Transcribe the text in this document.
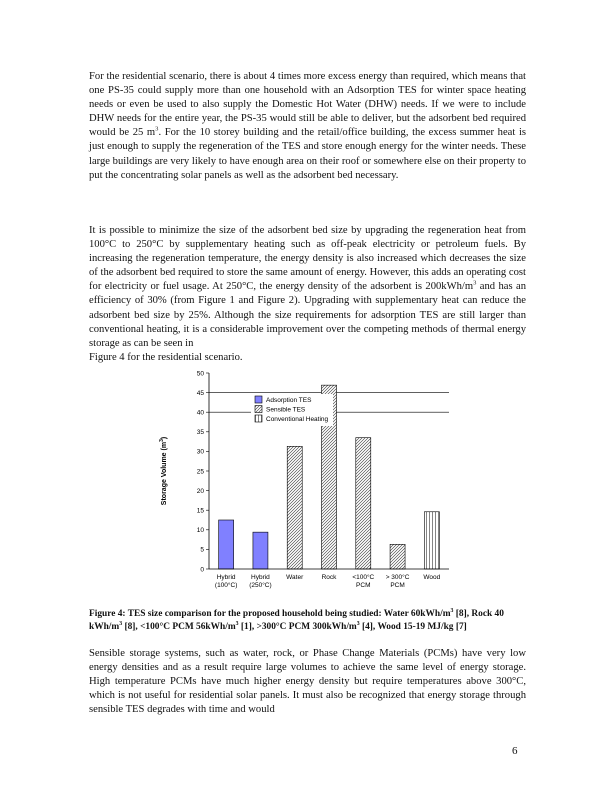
For the residential scenario, there is about 4 times more excess energy than required, which means that one PS-35 could supply more than one household with an Adsorption TES for winter space heating needs or even be used to also supply the Domestic Hot Water (DHW) needs. If we were to include DHW needs for the entire year, the PS-35 would still be able to deliver, but the adsorbent bed required would be 25 $m^3$. For the 10 storey building and the retail/office building, the excess summer heat is just enough to supply the regeneration of the TES and store enough energy for the winter needs. These large buildings are very likely to have enough area on their roof or somewhere else on their property to put the concentrating solar panels as well as the adsorbent bed necessary.

It is possible to minimize the size of the adsorbent bed size by upgrading the regeneration heat from 100°C to 250°C by supplementary heating such as off-peak electricity or petroleum fuels. By increasing the regeneration temperature, the energy density is also increased which decreases the size of the adsorbent bed required to store the same amount of energy. However, this adds an operating cost for electricity or fuel usage. At 250°C, the energy density of the adsorbent is $200kWh/m^3$ and has an efficiency of 30% (from Figure 1 and Figure 2). Upgrading with supplementary heat can reduce the adsorbent bed size by 25%. Although the size requirements for adsorption TES are still larger than conventional heating, it is a considerable improvement over the competing methods of thermal energy storage as can be seen in
Figure 4 for the residential scenario.

0
5
10
15
20
25
30
35
40
45
50
Hybrid
(100°C)
Hybrid
(250°C)
Water	Rock <100°C
PCM
> 300°C
PCM
Wood
Storage Volume $(m^3)$
Adsorption TES
Sensible TES
Conventional Heating

Figure 4: TES size comparison for the proposed household being studied: Water $60kWh/m^3$ [8], Rock 40 kWh/$m^3$ [8], <100°C PCM $56kWh/m^3$ [1], >300°C PCM $300kWh/m^3$ [4], Wood 15-19 MJ/kg [7]

Sensible storage systems, such as water, rock, or Phase Change Materials (PCMs) have very low energy densities and as a result require large volumes to achieve the same level of energy storage. High temperature PCMs have much higher energy density but require temperatures above 300°C, which is not useful for residential solar panels. It must also be recognized that energy storage through sensible TES degrades with time and would

6
